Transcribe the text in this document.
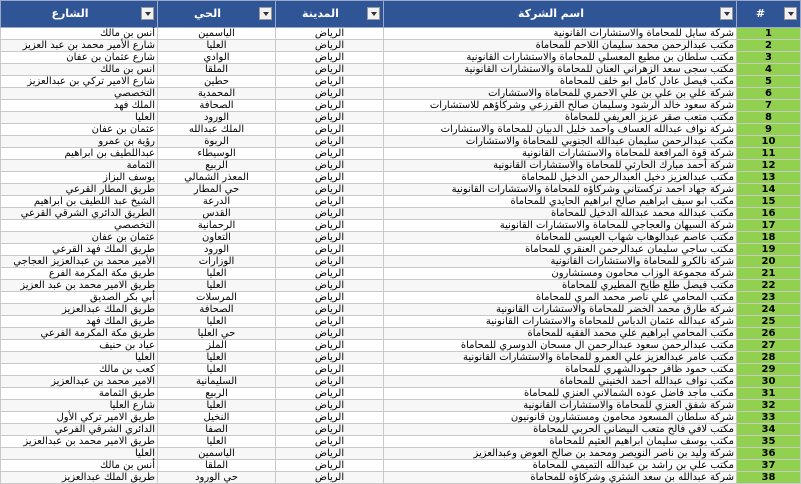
الشارع	الحي	المدينة	اسم الشركة	#

أنس بن مالك	الياسمين	الرياض	شركة سايل للمحاماة والاستشارات القانونية	1
شارع الأمير محمد بن عبد العزيز	العليا	الرياض	مكتب عبدالرحمن محمد سليمان اللاحم للمحاماة	2
شارع عثمان بن عفان	الوادي	الرياض	مكتب سلطان بن مطيع المعسلي للمحاماة والاستشارات القانونية	3
انس بن مالك	الملقا	الرياض	مكتب سجى سعد الزهراني العنان للمحاماة والاستشارات القانونية	4
شارع الامير تركي بن عبدالعزيز	حطين	الرياض	مكتب فيصل عادل كامل ابو خلف للمحاماة	5
التخصصي	المحمدية	الرياض	شركة علي بن علي بن علي الاحمري للمحاماة والاستشارات	6
الملك فهد	الصحافة	الرياض	شركة سعود خالد الرشود وسليمان صالح القرزعي وشركاؤهم للاستشارات	7
العليا	الورود	الرياض	مكتب متعب صقر عزيز العريفي للمحاماة	8
عثمان بن عفان	الملك عبدالله	الرياض	شركة نواف عبدالله العساف واحمد خليل الدبيان للمحاماة والاستشارات	9
رؤية بن عمرو	الربوة	الرياض	مكتب عبدالرحمن سليمان عبدالله الجنوبي للمحاماة والاستشارات	10
عبداللطيف بن ابراهيم	الوسيطاء	الرياض	شركة قوة المرافعة للمحاماة والاستشارات القانونية	11
الثمامة	الربيع	الرياض	شركة أحمد مبارك الحارثي للمحاماة والاستشارات القانونية	12
يوسف البزاز	المعذر الشمالي	الرياض	مكتب عبدالعزيز دخيل العبدالرحمن الدخيل للمحاماة	13
طريق المطار القرعي	حي المطار	الرياض	شركة جهاد احمد تركستاني وشركاؤه للمحاماة والاستشارات القانونية	14
الشيخ عبد اللطيف بن ابراهيم	الدرعة	الرياض	مكتب ابو سيف ابراهيم صالح ابراهيم الحايدي للمحاماة	15
الطريق الدائري الشرقي القرعي	القدس	الرياض	مكتب عبدالله محمد عبدالله الدخيل للمحاماة	16
التخصصي	الرحمانية	الرياض	شركة السيهان والعجاجي للمحاماة والاستشارات القانونية	17
عثمان بن عفان	التعاون	الرياض	مكتب عاصم عبدالوهاب شهاب العيسى للمحاماة	18
طريق الملك فهد القرعي	الورود	الرياض	مكتب ساجي سليمان عبدالرحمن العنقري للمحاماة	19
الأمير محمد بن عبدالعزيز العجاجي	الوزارات	الرياض	شركة نالكرو للمحاماة والاستشارات القانونية	20
طريق مكة المكرمة الفرع	العليا	الرياض	شركة مجموعة الوزاب محامون ومستشارون	21
طريق الامير محمد بن عبد العزيز	العليا	الرياض	مكتب فيصل طلع طايح المطيري للمحاماة	22
أبي بكر الصديق	المرسلات	الرياض	مكتب المحامي علي ناصر محمد المري للمحاماة	23
طريق الملك عبدالعزيز	الصحافة	الرياض	شركة طارق محمد الخضر للمحاماة والاستشارات القانونية	24
طريق الملك فهد	العليا	الرياض	شركة عبدالله عثمان الدباس للمحاماة والاستشارات القانونية	25
طريق مكة المكرمة الفرعي	حي العليا	الرياض	مكتب المحامي ابراهيم علي محمد الفقيه للمحاماة	26
عياد بن حنيف	الملز	الرياض	مكتب عبدالرحمن سعود عبدالرحمن ال مسحان الدوسري للمحاماة	27
العليا	العليا	الرياض	مكتب عامر عبدالعزيز علي العمرو للمحاماة والاستشارات القانونية	28
كعب بن مالك	العليا	الرياض	مكتب حمود ظافر حمودالشهري للمحاماة	29
الامير محمد بن عبدالعزيز	السليمانية	الرياض	مكتب نواف عبدالله أحمد الخنيني للمحاماة	30
طريق الثمامة	الربيع	الرياض	مكتب ماجد فاضل عوده الشمالاني العنزي للمحاماة	31
شارع العليا	العليا	الرياض	شركة شفق العنزي للمحاماة والاستشارات القانونية	32
طريق الامير تركي الأول	النخيل	الرياض	شركة سلطان المسعود محامون ومستشارون قانونيون	33
الدائري الشرقي الفرعي	الصفا	الرياض	مكتب لافي فالح متعب البيضاني الحربي للمحاماة	34
طريق الامير محمد بن عبدالعزيز	العليا	الرياض	مكتب يوسف سليمان ابراهيم العثيم للمحاماة	35
العليا	الياسمين	الرياض	شركة وليد بن ناصر النويصر ومحمد بن صالح العوض وعبدالعزيز	36
أنس بن مالك	الملقا	الرياض	مكتب علي بن راشد بن عبدالله التميمي للمحاماة	37
طريق الملك عبدالعزيز	حي الورود	الرياض	شركة عبدالله بن سعد الشثري وشركاؤه للمحاماة	38
